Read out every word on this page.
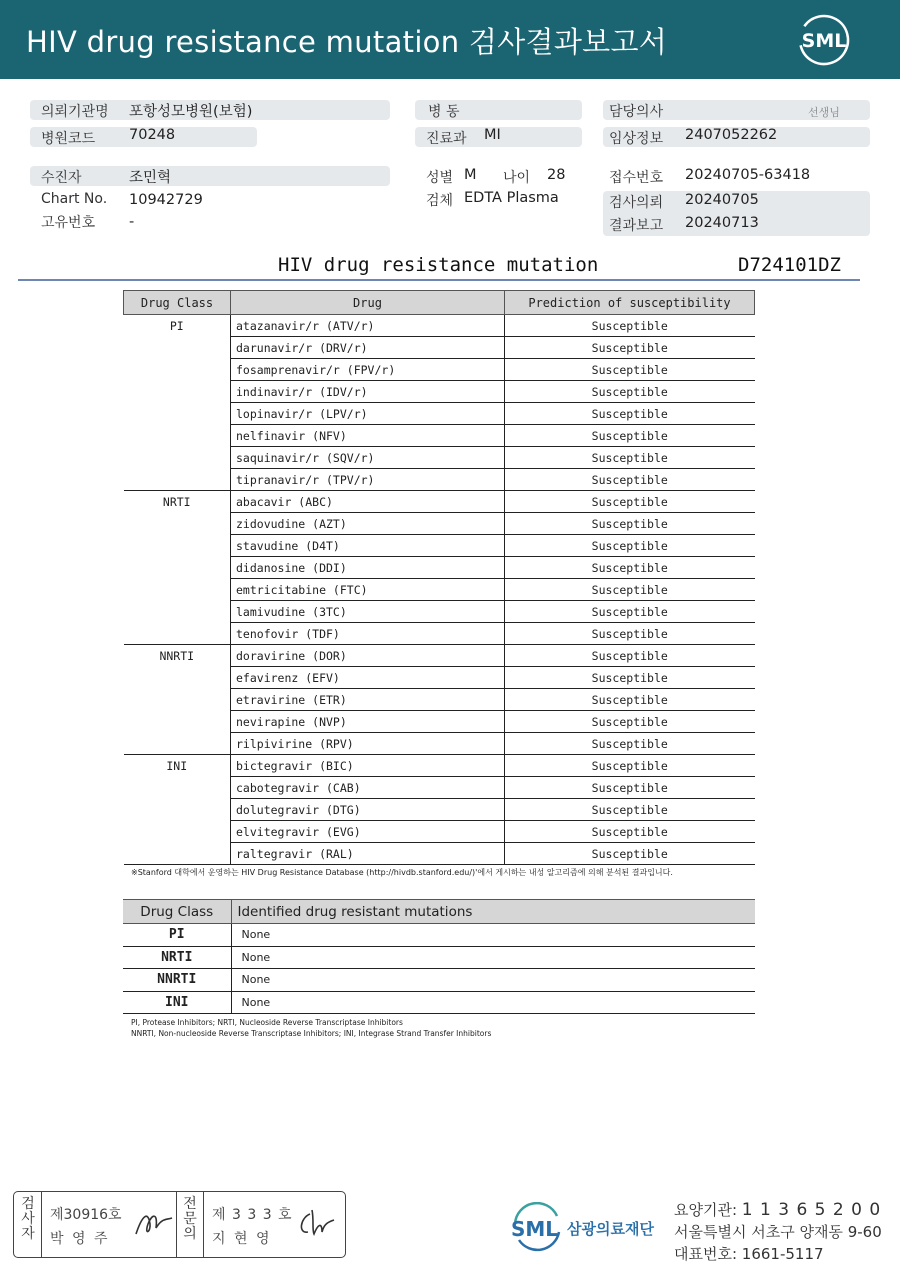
HIV drug resistance mutation 검사결과보고서	SML
의뢰기관명 포항성모병원(보험)
병원코드 70248
병 동
진료과 MI
담당의사	선생님
임상정보 2407052262
수진자	조민혁
Chart No. 10942729
고유번호 -
성별 M 나이 28
검체 EDTA Plasma
접수번호 20240705-63418
검사의뢰 20240705
결과보고 20240713
HIV drug resistance mutation	D724101DZ
Drug Class	Drug	Prediction of susceptibility
PI	atazanavir/r (ATV/r)	Susceptible
	darunavir/r (DRV/r)	Susceptible
	fosamprenavir/r (FPV/r)	Susceptible
	indinavir/r (IDV/r)	Susceptible
	lopinavir/r (LPV/r)	Susceptible
	nelfinavir (NFV)	Susceptible
	saquinavir/r (SQV/r)	Susceptible
	tipranavir/r (TPV/r)	Susceptible
NRTI	abacavir (ABC)	Susceptible
	zidovudine (AZT)	Susceptible
	stavudine (D4T)	Susceptible
	didanosine (DDI)	Susceptible
	emtricitabine (FTC)	Susceptible
	lamivudine (3TC)	Susceptible
	tenofovir (TDF)	Susceptible
NNRTI	doravirine (DOR)	Susceptible
	efavirenz (EFV)	Susceptible
	etravirine (ETR)	Susceptible
	nevirapine (NVP)	Susceptible
	rilpivirine (RPV)	Susceptible
INI	bictegravir (BIC)	Susceptible
	cabotegravir (CAB)	Susceptible
	dolutegravir (DTG)	Susceptible
	elvitegravir (EVG)	Susceptible
	raltegravir (RAL)	Susceptible
※Stanford 대학에서 운영하는 HIV Drug Resistance Database (http://hivdb.stanford.edu/)'에서 게시하는 내성 알고리즘에 의해 분석된 결과입니다.
Drug Class	Identified drug resistant mutations
PI	None
NRTI	None
NNRTI	None
INI	None
PI, Protease Inhibitors; NRTI, Nucleoside Reverse Transcriptase Inhibitors
NNRTI, Non-nucleoside Reverse Transcriptase Inhibitors; INI, Integrase Strand Transfer Inhibitors
검
사
자
제30916호
박 영 주
전
문
의
제 3 3 3 호
지 현 영	SML 삼광의료재단
요양기관: 1 1 3 6 5 2 0 0
서울특별시 서초구 양재동 9-60
대표번호: 1661-5117
